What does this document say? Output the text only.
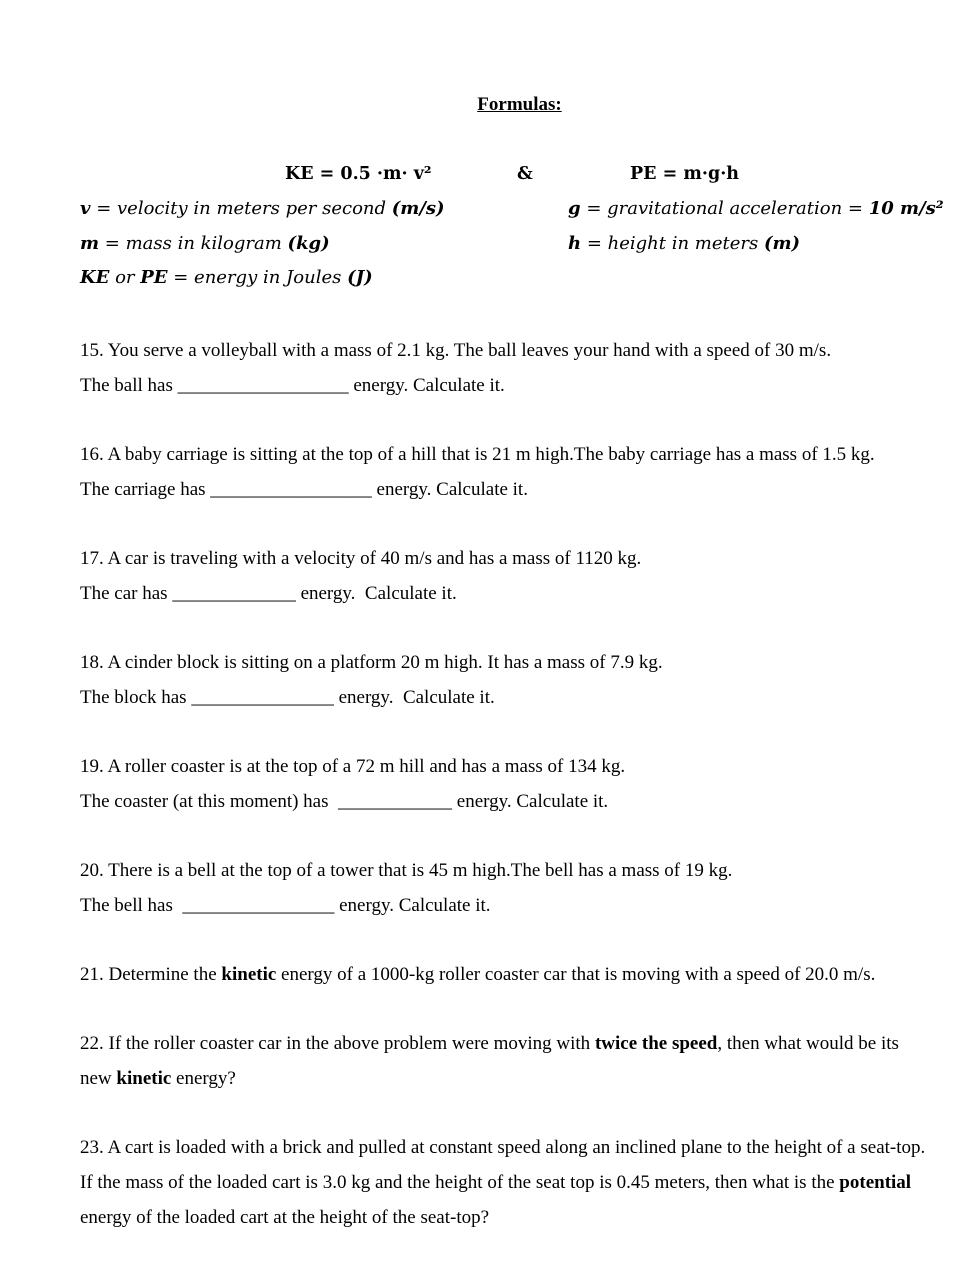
Formulas:

KE = 0.5 ·m· v²	&	PE = m·g·h
v = velocity in meters per second (m/s)	g = gravitational acceleration = 10 m/s²
m = mass in kilogram (kg)	h = height in meters (m)
KE or PE = energy in Joules (J)
15. You serve a volleyball with a mass of 2.1 kg. The ball leaves your hand with a speed of 30 m/s.
The ball has __________________ energy. Calculate it.
16. A baby carriage is sitting at the top of a hill that is 21 m high.The baby carriage has a mass of 1.5 kg.
The carriage has _________________ energy. Calculate it.
17. A car is traveling with a velocity of 40 m/s and has a mass of 1120 kg.
The car has _____________ energy.  Calculate it.
18. A cinder block is sitting on a platform 20 m high. It has a mass of 7.9 kg.
The block has _______________ energy.  Calculate it.
19. A roller coaster is at the top of a 72 m hill and has a mass of 134 kg.
The coaster (at this moment) has  ____________ energy. Calculate it.
20. There is a bell at the top of a tower that is 45 m high.The bell has a mass of 19 kg.
The bell has  ________________ energy. Calculate it.
21. Determine the kinetic energy of a 1000-kg roller coaster car that is moving with a speed of 20.0 m/s.
22. If the roller coaster car in the above problem were moving with twice the speed, then what would be its
new kinetic energy?
23. A cart is loaded with a brick and pulled at constant speed along an inclined plane to the height of a seat-top.
If the mass of the loaded cart is 3.0 kg and the height of the seat top is 0.45 meters, then what is the potential
energy of the loaded cart at the height of the seat-top?
